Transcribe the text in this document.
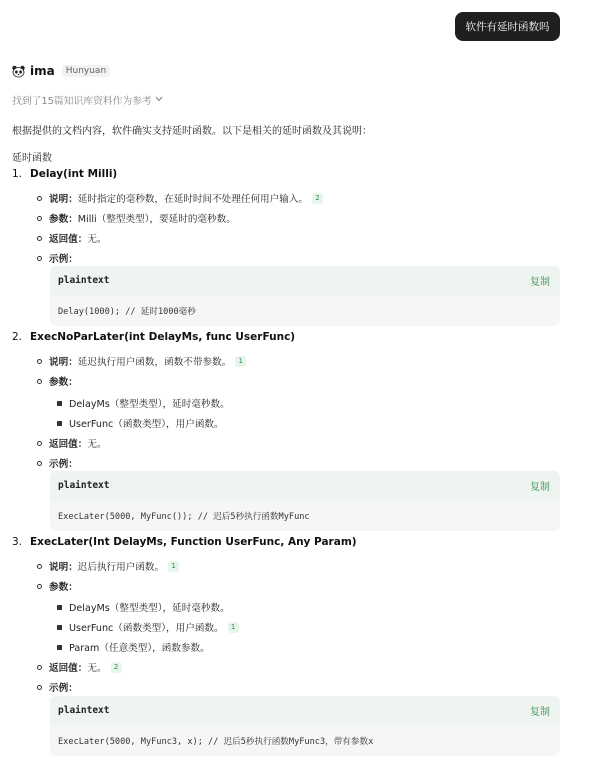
软件有延时函数吗
ima	Hunyuan
找到了15篇知识库资料作为参考
根据提供的文档内容，软件确实支持延时函数。以下是相关的延时函数及其说明：
延时函数
1. Delay(int Milli)
说明 ： 延时指定的毫秒数，在延时时间不处理任何用户输入。	2
参数 ： Milli（整型类型），要延时的毫秒数。
返回值 ： 无。
示例 ：
plaintext	复制
Delay(1000); // 延时1000毫秒
2. ExecNoParLater(int DelayMs, func UserFunc)
说明 ： 延迟执行用户函数，函数不带参数。	1
参数 ：
DelayMs（整型类型），延时毫秒数。
UserFunc（函数类型），用户函数。
返回值 ： 无。
示例 ：
plaintext	复制
ExecLater(5000, MyFunc()); // 迟后5秒执行函数MyFunc
3. ExecLater(Int DelayMs, Function UserFunc, Any Param)
说明 ： 迟后执行用户函数。	1
参数 ：
DelayMs（整型类型），延时毫秒数。
UserFunc（函数类型），用户函数。	1
Param（任意类型），函数参数。
返回值 ： 无。	2
示例 ：
plaintext	复制
ExecLater(5000, MyFunc3, x); // 迟后5秒执行函数MyFunc3，带有参数x
